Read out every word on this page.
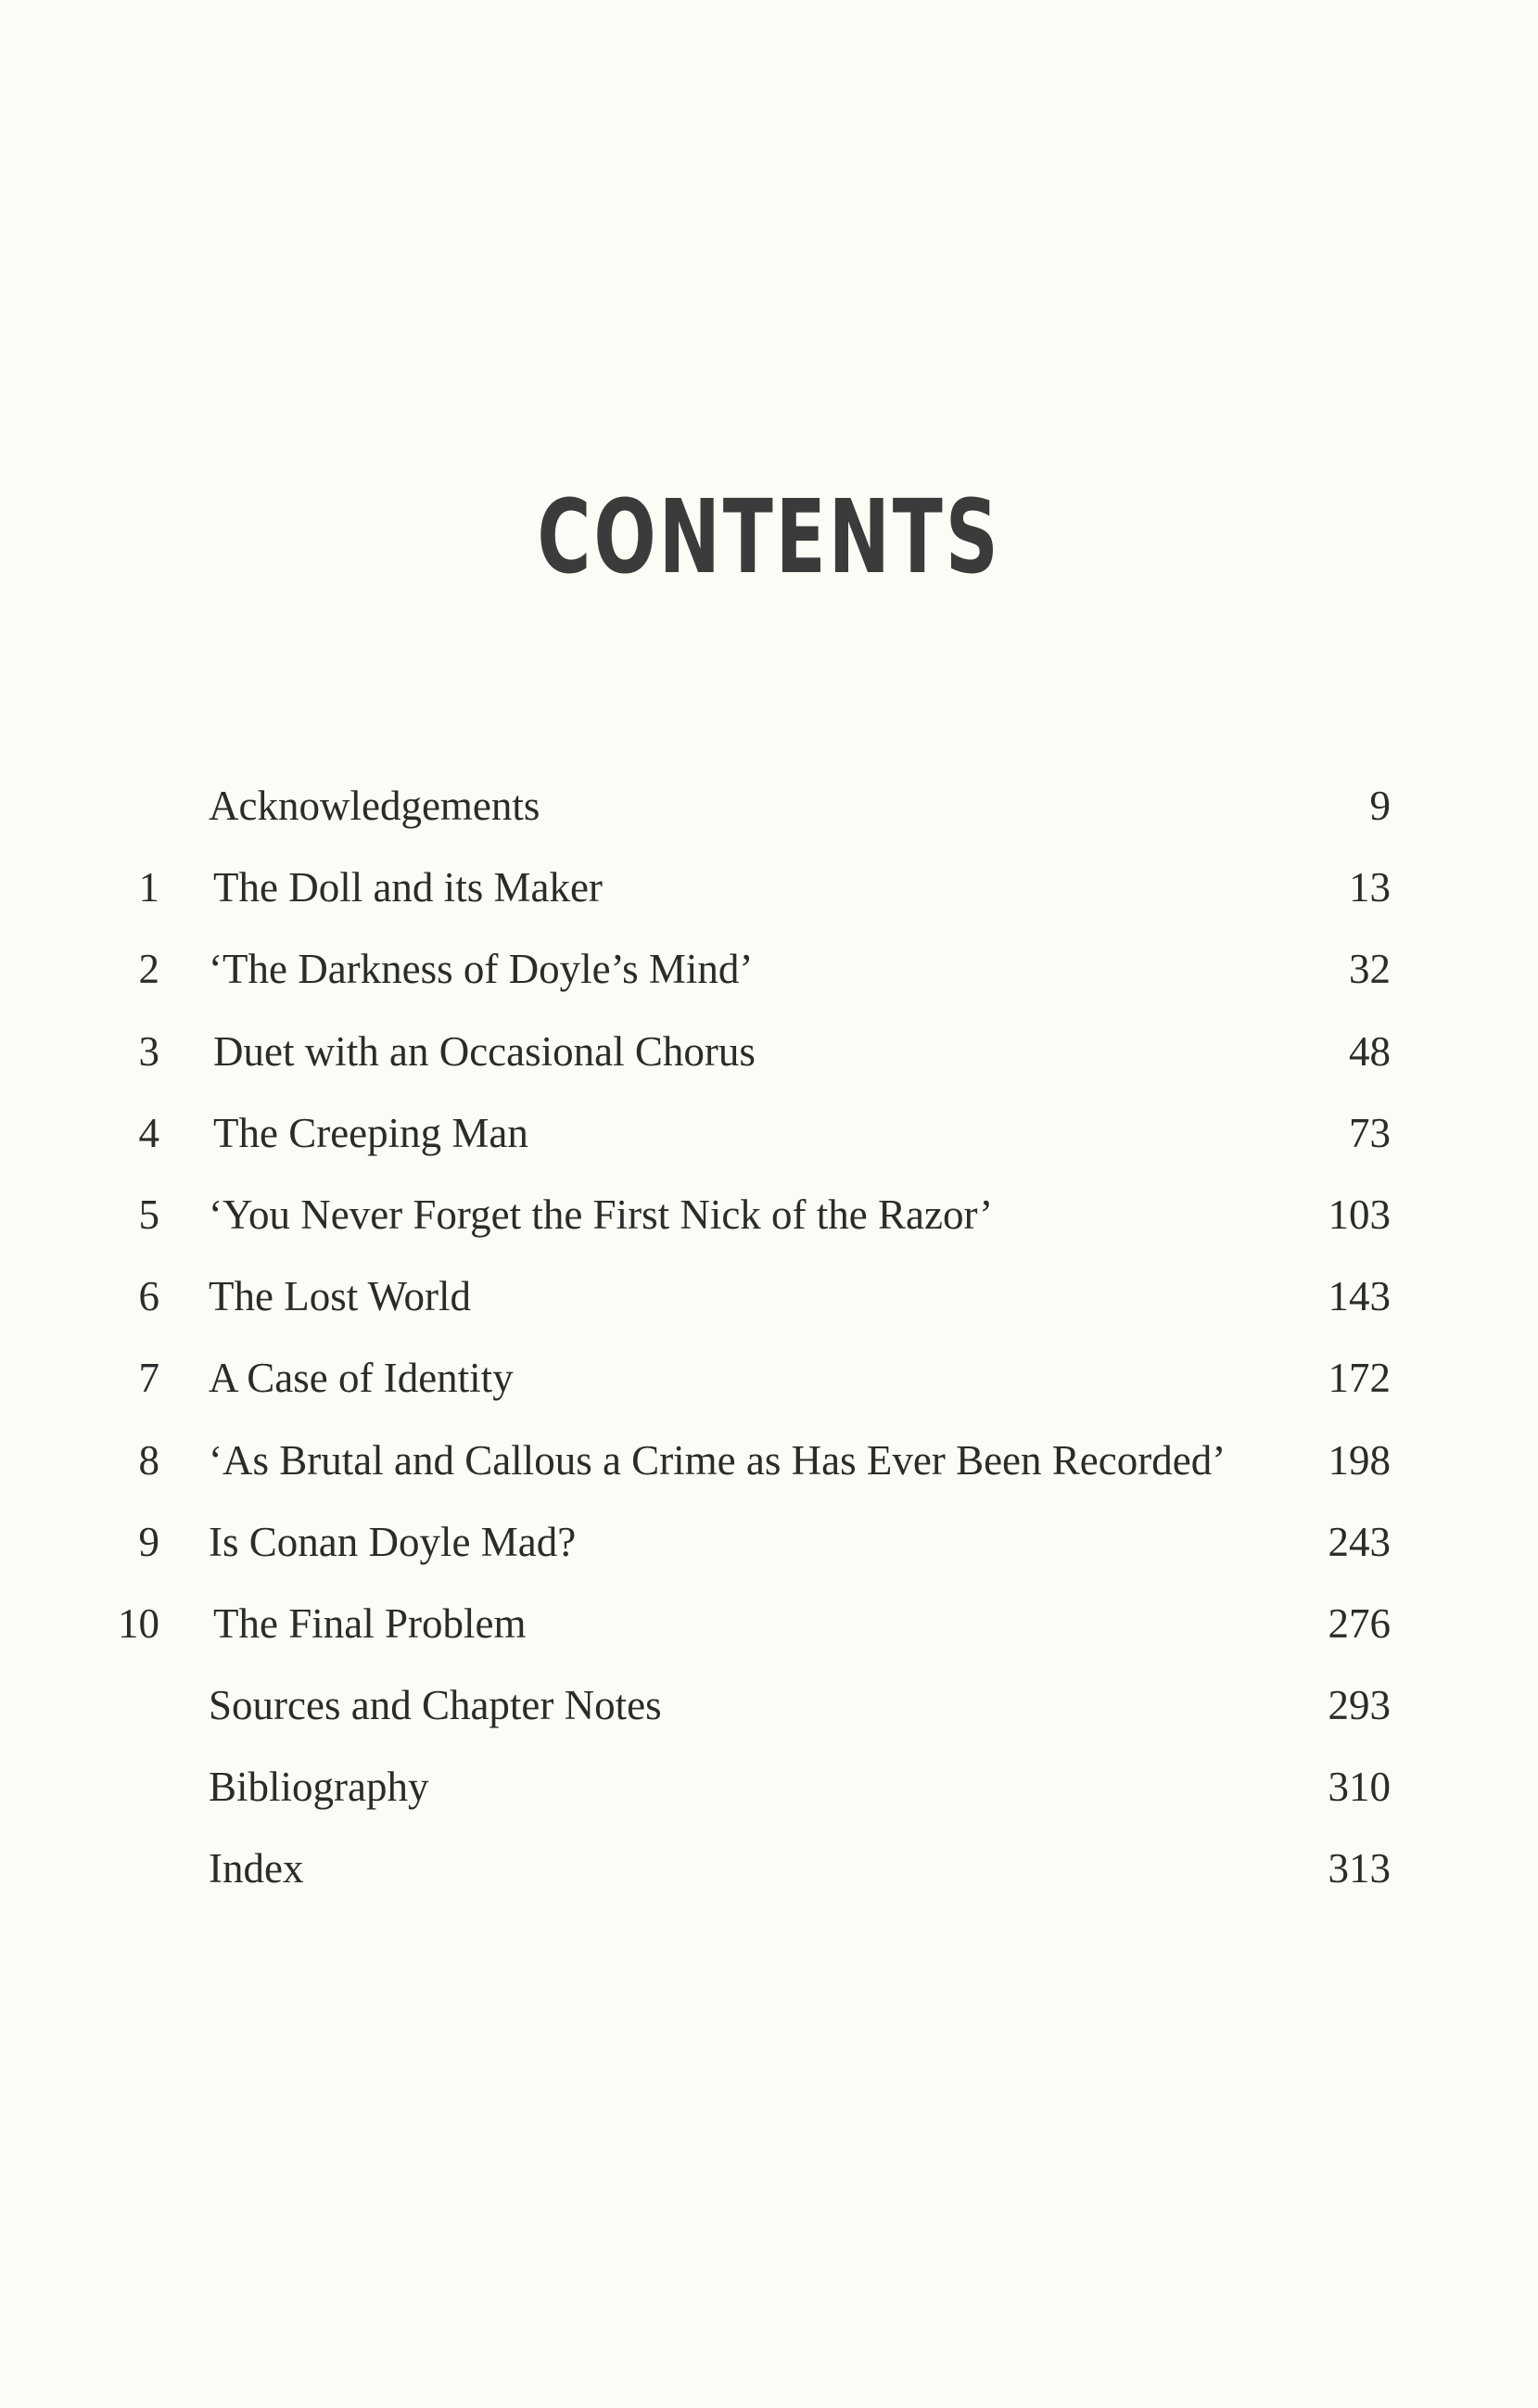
CONTENTS
Acknowledgements	9
1 The Doll and its Maker	13
2 ‘The Darkness of Doyle’s Mind’	32
3 Duet with an Occasional Chorus	48
4 The Creeping Man	73
5 ‘You Never Forget the First Nick of the Razor’	103
6 The Lost World	143
7 A Case of Identity	172
8 ‘As Brutal and Callous a Crime as Has Ever Been Recorded’ 198
9 Is Conan Doyle Mad?	243
10 The Final Problem	276
Sources and Chapter Notes	293
Bibliography	310
Index	313
